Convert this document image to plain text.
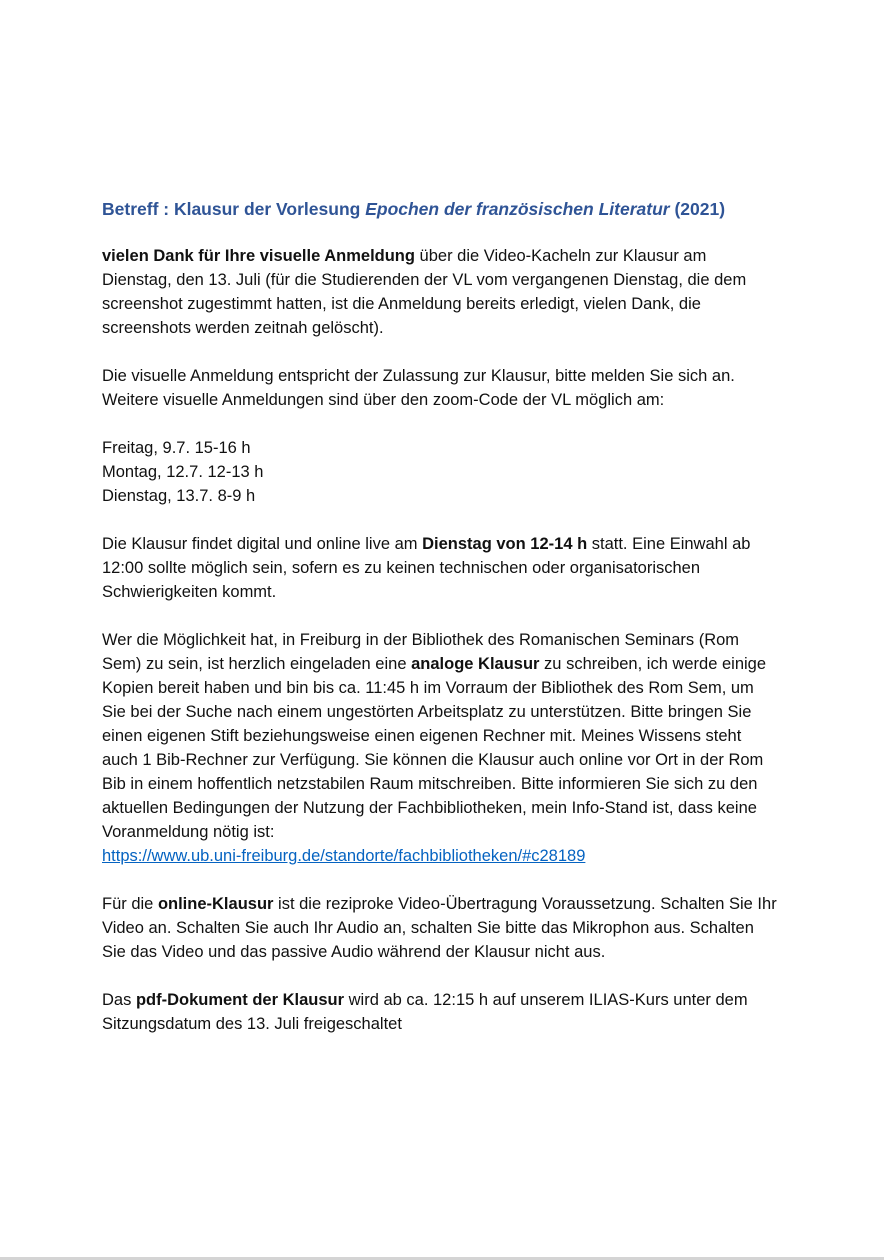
Betreff : Klausur der Vorlesung Epochen der französischen Literatur (2021)

vielen Dank für Ihre visuelle Anmeldung über die Video-Kacheln zur Klausur am Dienstag, den 13. Juli (für die Studierenden der VL vom vergangenen Dienstag, die dem screenshot zugestimmt hatten, ist die Anmeldung bereits erledigt, vielen Dank, die screenshots werden zeitnah gelöscht).

Die visuelle Anmeldung entspricht der Zulassung zur Klausur, bitte melden Sie sich an. Weitere visuelle Anmeldungen sind über den zoom-Code der VL möglich am:

Freitag, 9.7. 15-16 h
Montag, 12.7. 12-13 h
Dienstag, 13.7. 8-9 h

Die Klausur findet digital und online live am Dienstag von 12-14 h statt. Eine Einwahl ab 12:00 sollte möglich sein, sofern es zu keinen technischen oder organisatorischen Schwierigkeiten kommt.

Wer die Möglichkeit hat, in Freiburg in der Bibliothek des Romanischen Seminars (Rom Sem) zu sein, ist herzlich eingeladen eine analoge Klausur zu schreiben, ich werde einige Kopien bereit haben und bin bis ca. 11:45 h im Vorraum der Bibliothek des Rom Sem, um Sie bei der Suche nach einem ungestörten Arbeitsplatz zu unterstützen. Bitte bringen Sie einen eigenen Stift beziehungsweise einen eigenen Rechner mit. Meines Wissens steht auch 1 Bib-Rechner zur Verfügung. Sie können die Klausur auch online vor Ort in der Rom Bib in einem hoffentlich netzstabilen Raum mitschreiben. Bitte informieren Sie sich zu den aktuellen Bedingungen der Nutzung der Fachbibliotheken, mein Info-Stand ist, dass keine Voranmeldung nötig ist:
https://www.ub.uni-freiburg.de/standorte/fachbibliotheken/#c28189

Für die online-Klausur ist die reziproke Video-Übertragung Voraussetzung. Schalten Sie Ihr Video an. Schalten Sie auch Ihr Audio an, schalten Sie bitte das Mikrophon aus. Schalten Sie das Video und das passive Audio während der Klausur nicht aus.

Das pdf-Dokument der Klausur wird ab ca. 12:15 h auf unserem ILIAS-Kurs unter dem Sitzungsdatum des 13. Juli freigeschaltet
